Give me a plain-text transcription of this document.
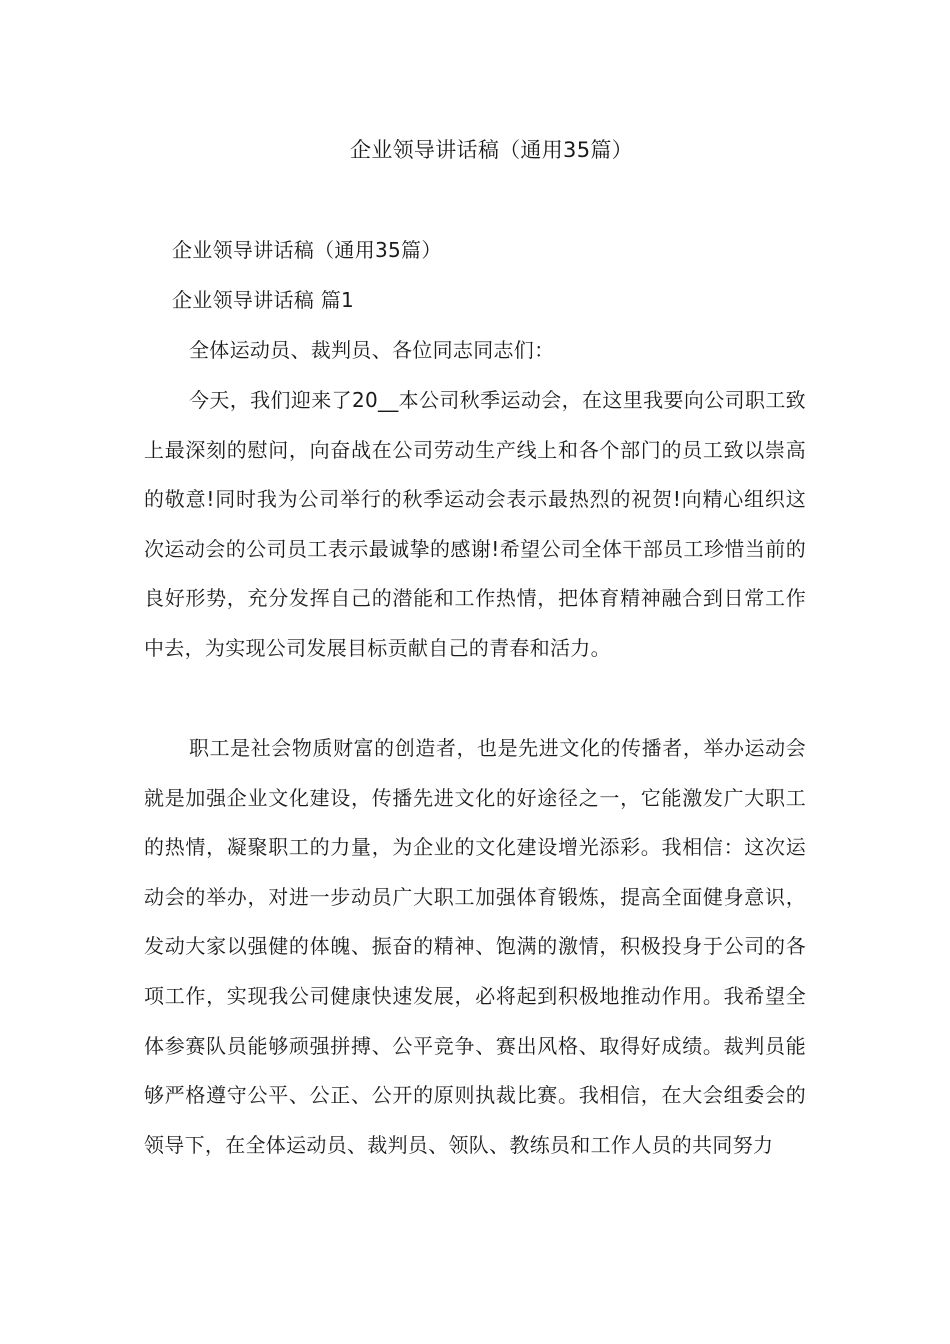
企业领导讲话稿（通用35篇）
企业领导讲话稿（通用35篇）
企业领导讲话稿 篇1
全体运动员、裁判员、各位同志同志们：

今天，我们迎来了20__本公司秋季运动会，在这里我要向公司职工致上最深刻的慰问，向奋战在公司劳动生产线上和各个部门的员工致以崇高的敬意!同时我为公司举行的秋季运动会表示最热烈的祝贺!向精心组织这次运动会的公司员工表示最诚挚的感谢!希望公司全体干部员工珍惜当前的良好形势，充分发挥自己的潜能和工作热情，把体育精神融合到日常工作中去，为实现公司发展目标贡献自己的青春和活力。

职工是社会物质财富的创造者，也是先进文化的传播者，举办运动会就是加强企业文化建设，传播先进文化的好途径之一，它能激发广大职工的热情，凝聚职工的力量，为企业的文化建设增光添彩。我相信：这次运动会的举办，对进一步动员广大职工加强体育锻炼，提高全面健身意识，发动大家以强健的体魄、振奋的精神、饱满的激情，积极投身于公司的各项工作，实现我公司健康快速发展，必将起到积极地推动作用。我希望全体参赛队员能够顽强拼搏、公平竞争、赛出风格、取得好成绩。裁判员能够严格遵守公平、公正、公开的原则执裁比赛。我相信，在大会组委会的领导下，在全体运动员、裁判员、领队、教练员和工作人员的共同努力
